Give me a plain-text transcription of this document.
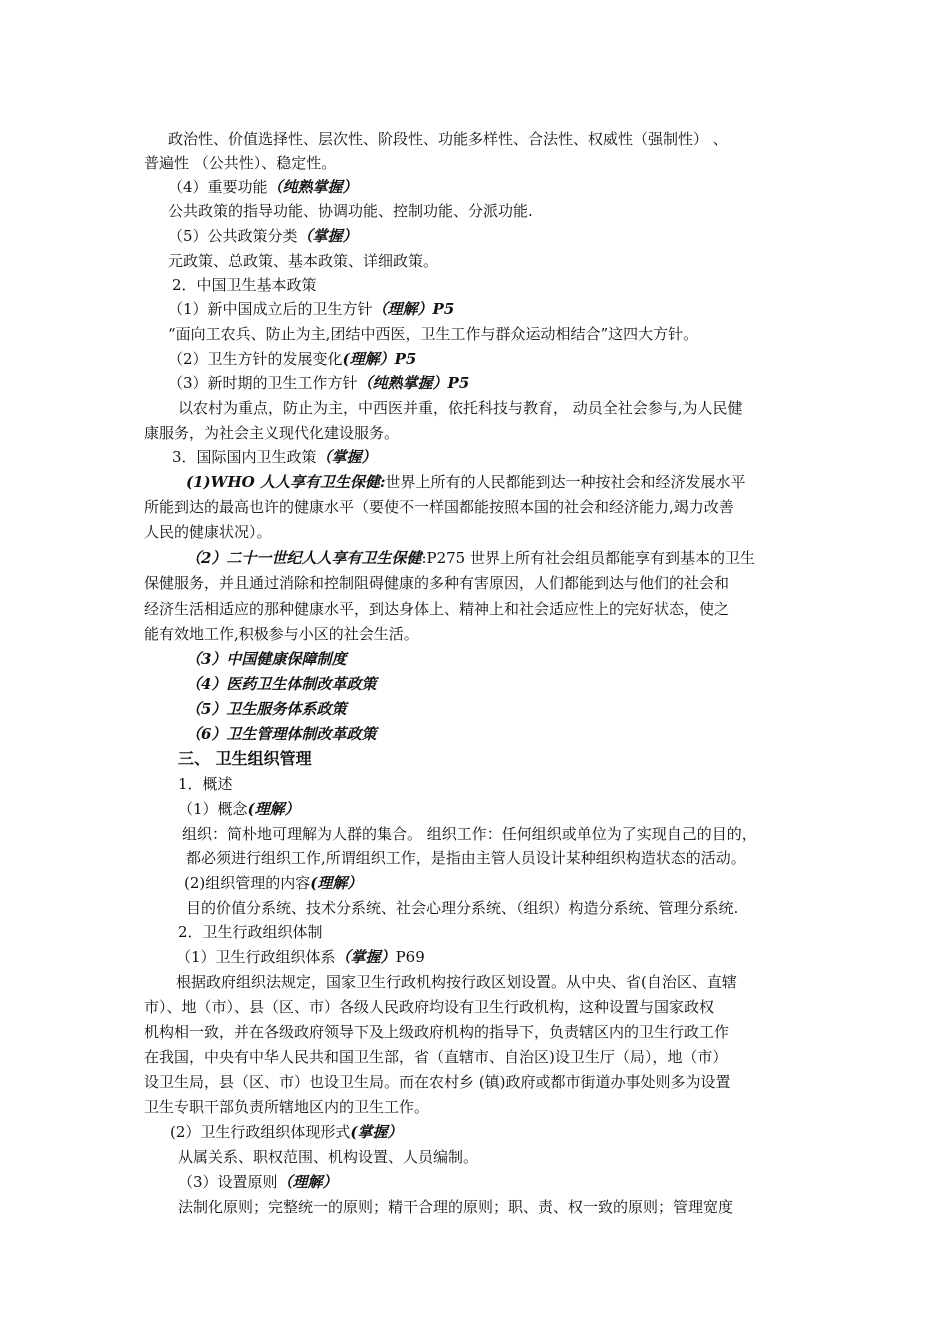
政治性、价值选择性、层次性、阶段性、功能多样性、合法性、权威性（强制性） 、
普遍性 （公共性）、稳定性。
（4）重要功能（纯熟掌握）
公共政策的指导功能、协调功能、控制功能、分派功能.
（5）公共政策分类（掌握）
元政策、总政策、基本政策、详细政策。
2．中国卫生基本政策
（1）新中国成立后的卫生方针（理解）P5
“面向工农兵、防止为主,团结中西医，卫生工作与群众运动相结合”这四大方针。
（2）卫生方针的发展变化(理解）P5
（3）新时期的卫生工作方针（纯熟掌握）P5
以农村为重点，防止为主，中西医并重，依托科技与教育， 动员全社会参与,为人民健
康服务，为社会主义现代化建设服务。
3．国际国内卫生政策（掌握）
(1)WHO 人人享有卫生保健:世界上所有的人民都能到达一种按社会和经济发展水平
所能到达的最高也许的健康水平（要使不一样国都能按照本国的社会和经济能力,竭力改善
人民的健康状况）。
（2）二十一世纪人人享有卫生保健:P275 世界上所有社会组员都能享有到基本的卫生
保健服务，并且通过消除和控制阻碍健康的多种有害原因，人们都能到达与他们的社会和
经济生活相适应的那种健康水平，到达身体上、精神上和社会适应性上的完好状态，使之
能有效地工作,积极参与小区的社会生活。
（3）中国健康保障制度
（4）医药卫生体制改革政策
（5）卫生服务体系政策
（6）卫生管理体制改革政策
三、 卫生组织管理
1．概述
（1）概念(理解）
组织：简朴地可理解为人群的集合。 组织工作：任何组织或单位为了实现自己的目的，
都必须进行组织工作,所谓组织工作，是指由主管人员设计某种组织构造状态的活动。
(2)组织管理的内容(理解）
目的价值分系统、技术分系统、社会心理分系统、（组织）构造分系统、管理分系统.
2．卫生行政组织体制
（1）卫生行政组织体系（掌握）P69
根据政府组织法规定，国家卫生行政机构按行政区划设置。从中央、省(自治区、直辖
市）、地（市）、县（区、市）各级人民政府均设有卫生行政机构，这种设置与国家政权
机构相一致，并在各级政府领导下及上级政府机构的指导下，负责辖区内的卫生行政工作
在我国，中央有中华人民共和国卫生部，省（直辖市、自治区)设卫生厅（局），地（市）
设卫生局，县（区、市）也设卫生局。而在农村乡 (镇)政府或都市街道办事处则多为设置
卫生专职干部负责所辖地区内的卫生工作。
(2）卫生行政组织体现形式(掌握）
从属关系、职权范围、机构设置、人员编制。
（3）设置原则（理解）
法制化原则；完整统一的原则；精干合理的原则；职、责、权一致的原则；管理宽度
